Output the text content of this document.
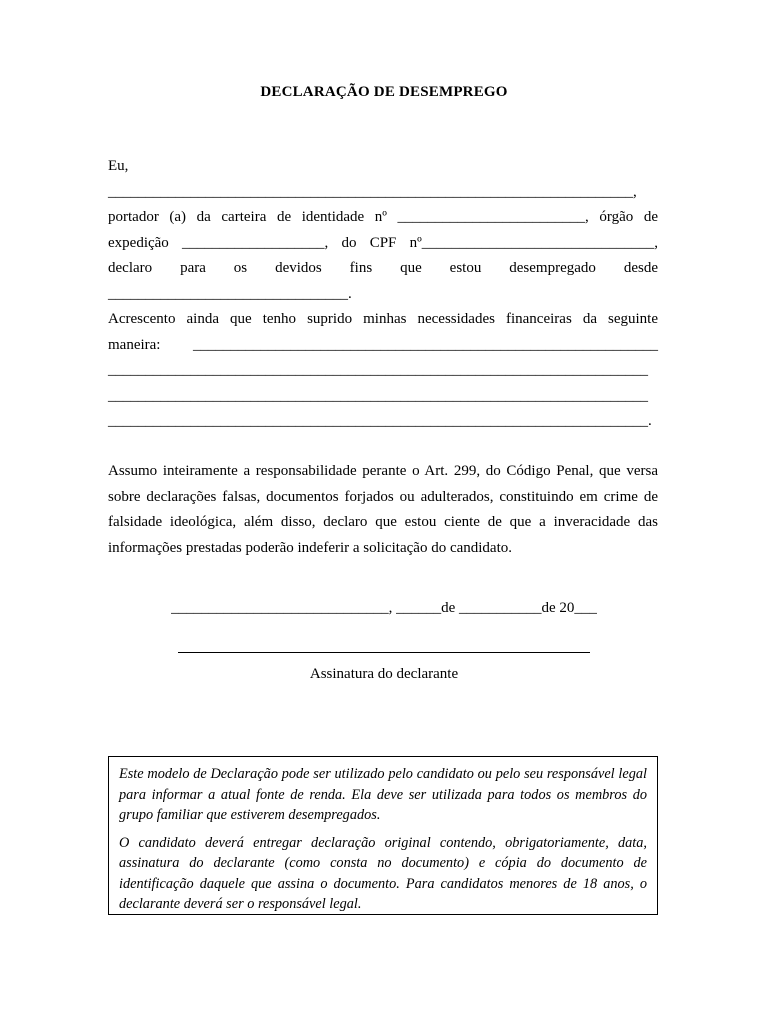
DECLARAÇÃO DE DESEMPREGO
Eu, ______________________________________________________________________,
portador (a) da carteira de identidade nº _________________________, órgão de
expedição ___________________, do CPF nº_______________________________,
declaro para os devidos fins que estou desempregado desde
________________________________.
Acrescento ainda que tenho suprido minhas necessidades financeiras da seguinte
maneira: ______________________________________________________________
________________________________________________________________________
________________________________________________________________________
________________________________________________________________________.
Assumo inteiramente a responsabilidade perante o Art. 299, do Código Penal, que versa
sobre declarações falsas, documentos forjados ou adulterados, constituindo em crime de
falsidade ideológica, além disso, declaro que estou ciente de que a inveracidade das
informações prestadas poderão indeferir a solicitação do candidato.
_____________________________, ______de ___________de 20___
Assinatura do declarante

Este modelo de Declaração pode ser utilizado pelo candidato ou pelo seu responsável legal para informar a atual fonte de renda. Ela deve ser utilizada para todos os membros do grupo familiar que estiverem desempregados.

O candidato deverá entregar declaração original contendo, obrigatoriamente, data, assinatura do declarante (como consta no documento) e cópia do documento de identificação daquele que assina o documento. Para candidatos menores de 18 anos, o declarante deverá ser o responsável legal.
